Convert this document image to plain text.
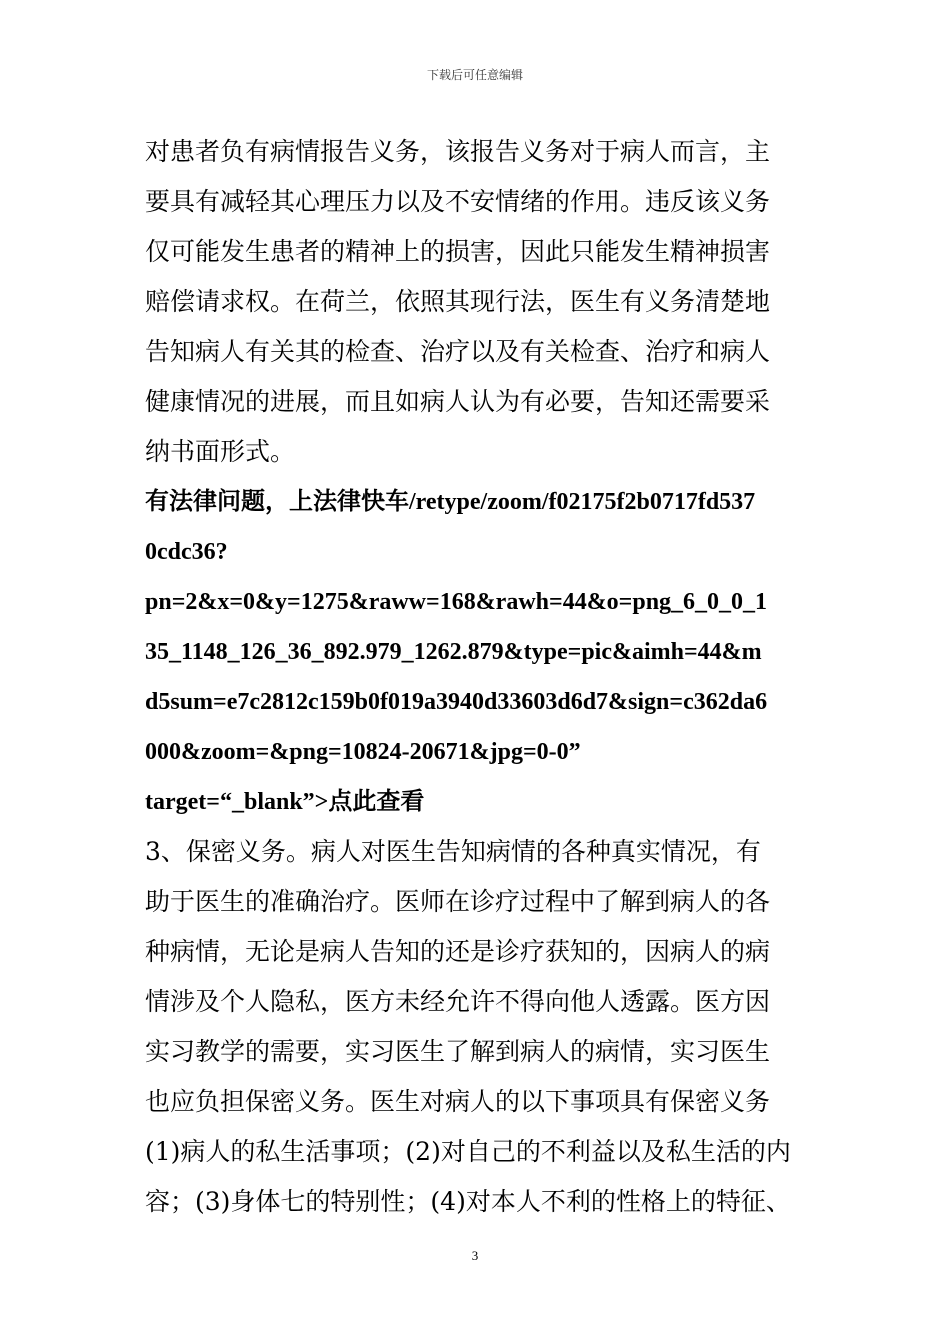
下载后可任意编辑
对患者负有病情报告义务，该报告义务对于病人而言，主
要具有减轻其心理压力以及不安情绪的作用。违反该义务
仅可能发生患者的精神上的损害，因此只能发生精神损害
赔偿请求权。在荷兰，依照其现行法，医生有义务清楚地
告知病人有关其的检查、治疗以及有关检查、治疗和病人
健康情况的进展，而且如病人认为有必要，告知还需要采
纳书面形式。
有法律问题，上法律快车/retype/zoom/f02175f2b0717fd537
0cdc36?
pn=2&x=0&y=1275&raww=168&rawh=44&o=png_6_0_0_1
35_1148_126_36_892.979_1262.879&type=pic&aimh=44&m
d5sum=e7c2812c159b0f019a3940d33603d6d7&sign=c362da6
000&zoom=&png=10824-20671&jpg=0-0”
target=“_blank”>点此查看
3、保密义务。病人对医生告知病情的各种真实情况，有
助于医生的准确治疗。医师在诊疗过程中了解到病人的各
种病情，无论是病人告知的还是诊疗获知的，因病人的病
情涉及个人隐私，医方未经允许不得向他人透露。医方因
实习教学的需要，实习医生了解到病人的病情，实习医生
也应负担保密义务。医生对病人的以下事项具有保密义务
(1)病人的私生活事项；(2)对自己的不利益以及私生活的内
容；(3)身体七的特别性；(4)对本人不利的性格上的特征、
3
